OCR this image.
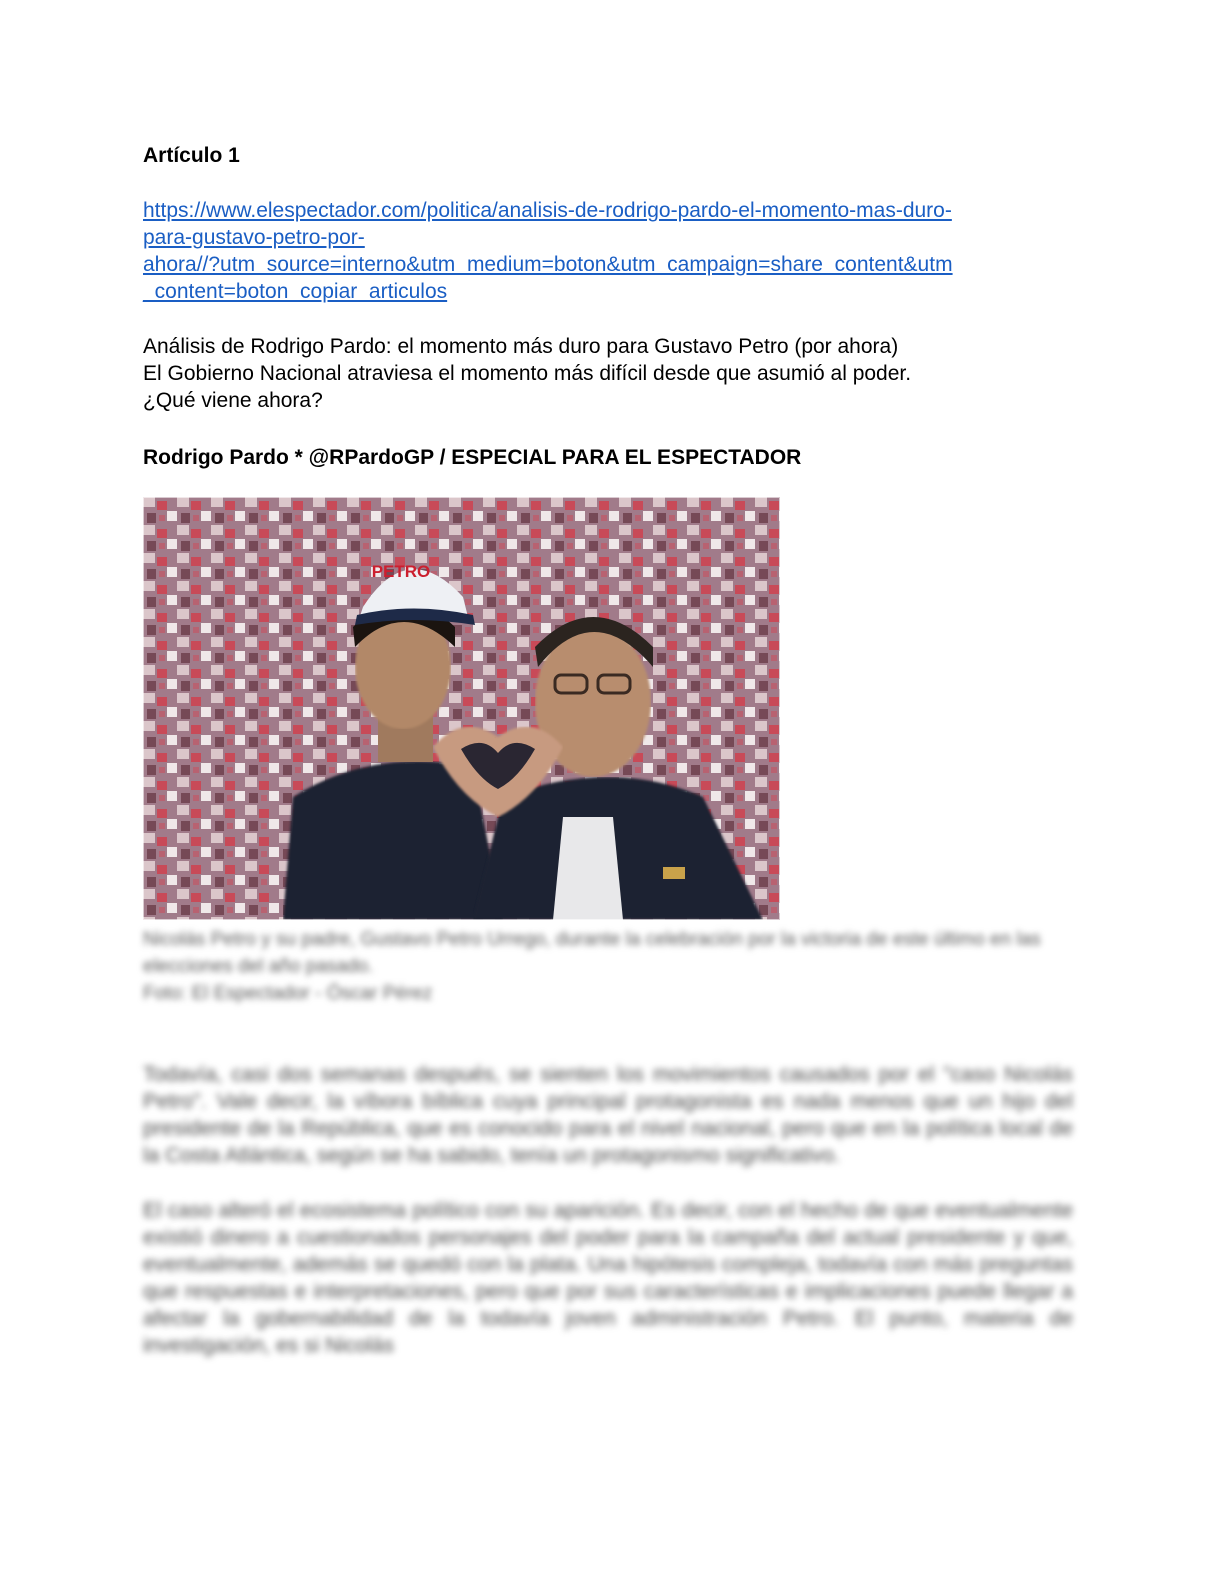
Artículo 1
https://www.elespectador.com/politica/analisis-de-rodrigo-pardo-el-momento-mas-duro-
para-gustavo-petro-por-
ahora//?utm_source=interno&utm_medium=boton&utm_campaign=share_content&utm
_content=boton_copiar_articulos

Análisis de Rodrigo Pardo: el momento más duro para Gustavo Petro (por ahora)

El Gobierno Nacional atraviesa el momento más difícil desde que asumió al poder.

¿Qué viene ahora?

Rodrigo Pardo * @RPardoGP / ESPECIAL PARA EL ESPECTADOR
PETRO

Nicolás Petro y su padre, Gustavo Petro Urrego, durante la celebración por la victoria de este último en las elecciones del año pasado.

Foto: El Espectador - Óscar Pérez

Todavía, casi dos semanas después, se sienten los movimientos causados por el "caso Nicolás Petro". Vale decir, la víbora bíblica cuya principal protagonista es nada menos que un hijo del presidente de la República, que es conocido para el nivel nacional, pero que en la política local de la Costa Atlántica, según se ha sabido, tenía un protagonismo significativo.

El caso alteró el ecosistema político con su aparición. Es decir, con el hecho de que eventualmente existió dinero a cuestionados personajes del poder para la campaña del actual presidente y que, eventualmente, además se quedó con la plata. Una hipótesis compleja, todavía con más preguntas que respuestas e interpretaciones, pero que por sus características e implicaciones puede llegar a afectar la gobernabilidad de la todavía joven administración Petro. El punto, materia de investigación, es si Nicolás
